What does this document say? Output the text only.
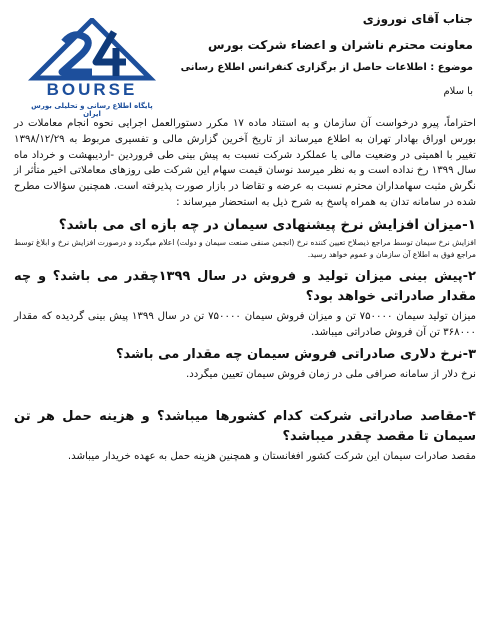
BOURSE
پایگاه اطلاع رسانی و تحلیلی بورس ایران
جناب آقای نوروزی
معاونت محترم ناشران و اعضاء شرکت بورس
موضوع : اطلاعات حاصل از برگزاری کنفرانس اطلاع رسانی
با سلام

احتراماً، پیرو درخواست آن سازمان و به استناد ماده ۱۷ مکرر دستورالعمل اجرایی نحوه انجام معاملات در بورس اوراق بهادار تهران به اطلاع میرساند از تاریخ آخرین گزارش مالی و تفسیری مربوط به ۱۳۹۸/۱۲/۲۹ تغییر با اهمیتی در وضعیت مالی یا عملکرد شرکت نسبت به پیش بینی طی فروردین -اردیبهشت و خرداد ماه سال ۱۳۹۹ رخ نداده است و به نظر میرسد نوسان قیمت سهام این شرکت طی روزهای معاملاتی اخیر متأثر از نگرش مثبت سهامداران محترم نسبت به عرضه و تقاضا در بازار صورت پذیرفته است. همچنین سؤالات مطرح شده در سامانه تدان به همراه پاسخ به شرح ذیل به استحضار میرساند :

۱-میزان افزایش نرخ پیشنهادی سیمان در چه بازه ای می باشد؟

افزایش نرخ سیمان توسط مراجع ذیصلاح تعیین کننده نرخ (انجمن صنفی صنعت سیمان و دولت) اعلام میگردد و درصورت افزایش نرخ و ابلاغ توسط مراجع فوق به اطلاع آن سازمان و عموم خواهد رسید.

۲-پیش بینی میزان تولید و فروش در سال ۱۳۹۹چقدر می باشد؟ و چه مقدار صادراتی خواهد بود؟

میزان تولید سیمان ۷۵۰۰۰۰ تن و میزان فروش سیمان ۷۵۰۰۰۰ تن در سال ۱۳۹۹ پیش بینی گردیده که مقدار ۳۶۸۰۰۰ تن آن فروش صادراتی میباشد.

۳-نرخ دلاری صادراتی فروش سیمان چه مقدار می باشد؟

نرخ دلار از سامانه صرافی ملی در زمان فروش سیمان تعیین میگردد.

۴-مقاصد صادراتی شرکت کدام کشورها میباشد؟ و هزینه حمل هر تن سیمان تا مقصد چقدر میباشد؟

مقصد صادرات سیمان این شرکت کشور افغانستان و همچنین هزینه حمل به عهده خریدار میباشد.
